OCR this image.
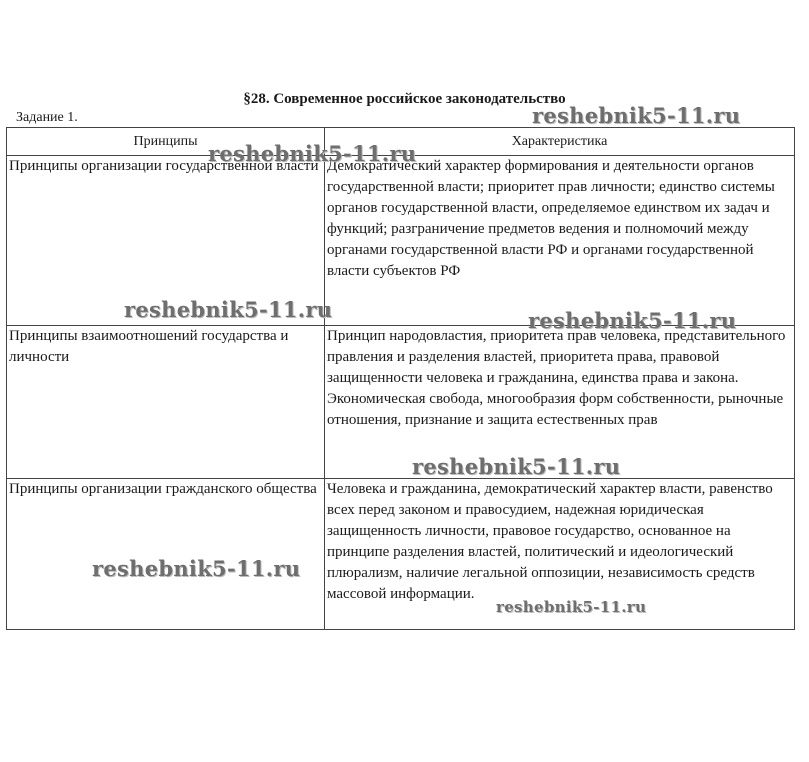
§28. Современное российское законодательство
Задание 1.
Принципы	Характеристика

Принципы организации государственной власти	Демократический характер формирования и деятельности органов государственной власти; приоритет прав личности; единство системы органов государственной власти, определяемое единством их задач и функций; разграничение предметов ведения и полномочий между органами государственной власти РФ и органами государственной власти субъектов РФ

Принципы взаимоотношений государства и личности	Принцип народовластия, приоритета прав человека, представительного правления и разделения властей, приоритета права, правовой защищенности человека и гражданина, единства права и закона.
Экономическая свобода, многообразия форм собственности, рыночные отношения, признание и защита естественных прав

Принципы организации гражданского общества	Человека и гражданина, демократический характер власти, равенство всех перед законом и правосудием, надежная юридическая защищенность личности, правовое государство, основанное на принципе разделения властей, политический и идеологический плюрализм, наличие легальной оппозиции, независимость средств массовой информации.
reshebnik5-11.ru
reshebnik5-11.ru
reshebnik5-11.ru	reshebnik5-11.ru
reshebnik5-11.ru
reshebnik5-11.ru
reshebnik5-11.ru
